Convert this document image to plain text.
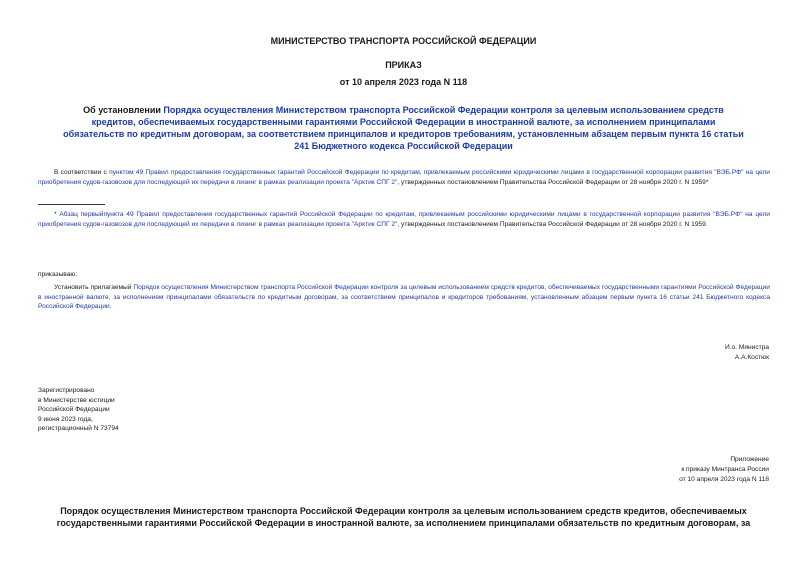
МИНИСТЕРСТВО ТРАНСПОРТА РОССИЙСКОЙ ФЕДЕРАЦИИ
ПРИКАЗ
от 10 апреля 2023 года N 118
Об установлении Порядка осуществления Министерством транспорта Российской Федерации контроля за целевым использованием средств кредитов, обеспечиваемых государственными гарантиями Российской Федерации в иностранной валюте, за исполнением принципалами обязательств по кредитным договорам, за соответствием принципалов и кредиторов требованиям, установленным абзацем первым пункта 16 статьи 241 Бюджетного кодекса Российской Федерации
В соответствии с пунктом 49 Правил предоставления государственных гарантий Российской Федерации по кредитам, привлекаемым российскими юридическими лицами в государственной корпорации развития "ВЭБ.РФ" на цели приобретения судов-газовозов для последующей их передачи в лизинг в рамках реализации проекта "Арктик СПГ 2", утвержденных постановлением Правительства Российской Федерации от 28 ноября 2020 г. N 1959*
* Абзац первыйпункта 49 Правил предоставления государственных гарантий Российской Федерации по кредитам, привлекаемым российскими юридическими лицами в государственной корпорации развития "ВЭБ.РФ" на цели приобретения судов-газовозов для последующей их передачи в лизинг в рамках реализации проекта "Арктик СПГ 2", утвержденных постановлением Правительства Российской Федерации от 28 ноября 2020 г. N 1959.
приказываю:
Установить прилагаемый Порядок осуществления Министерством транспорта Российской Федерации контроля за целевым использованием средств кредитов, обеспечиваемых государственными гарантиями Российской Федерации в иностранной валюте, за исполнением принципалами обязательств по кредитным договорам, за соответствием принципалов и кредиторов требованиям, установленным абзацем первым пункта 16 статьи 241 Бюджетного кодекса Российской Федерации.
И.о. Министра
А.А.Костюк
Зарегистрировано
в Министерстве юстиции
Российской Федерации
9 июня 2023 года,
регистрационный N 73794
Приложение
к приказу Минтранса России
от 10 апреля 2023 года N 118
Порядок осуществления Министерством транспорта Российской Федерации контроля за целевым использованием средств кредитов, обеспечиваемых государственными гарантиями Российской Федерации в иностранной валюте, за исполнением принципалами обязательств по кредитным договорам, за
